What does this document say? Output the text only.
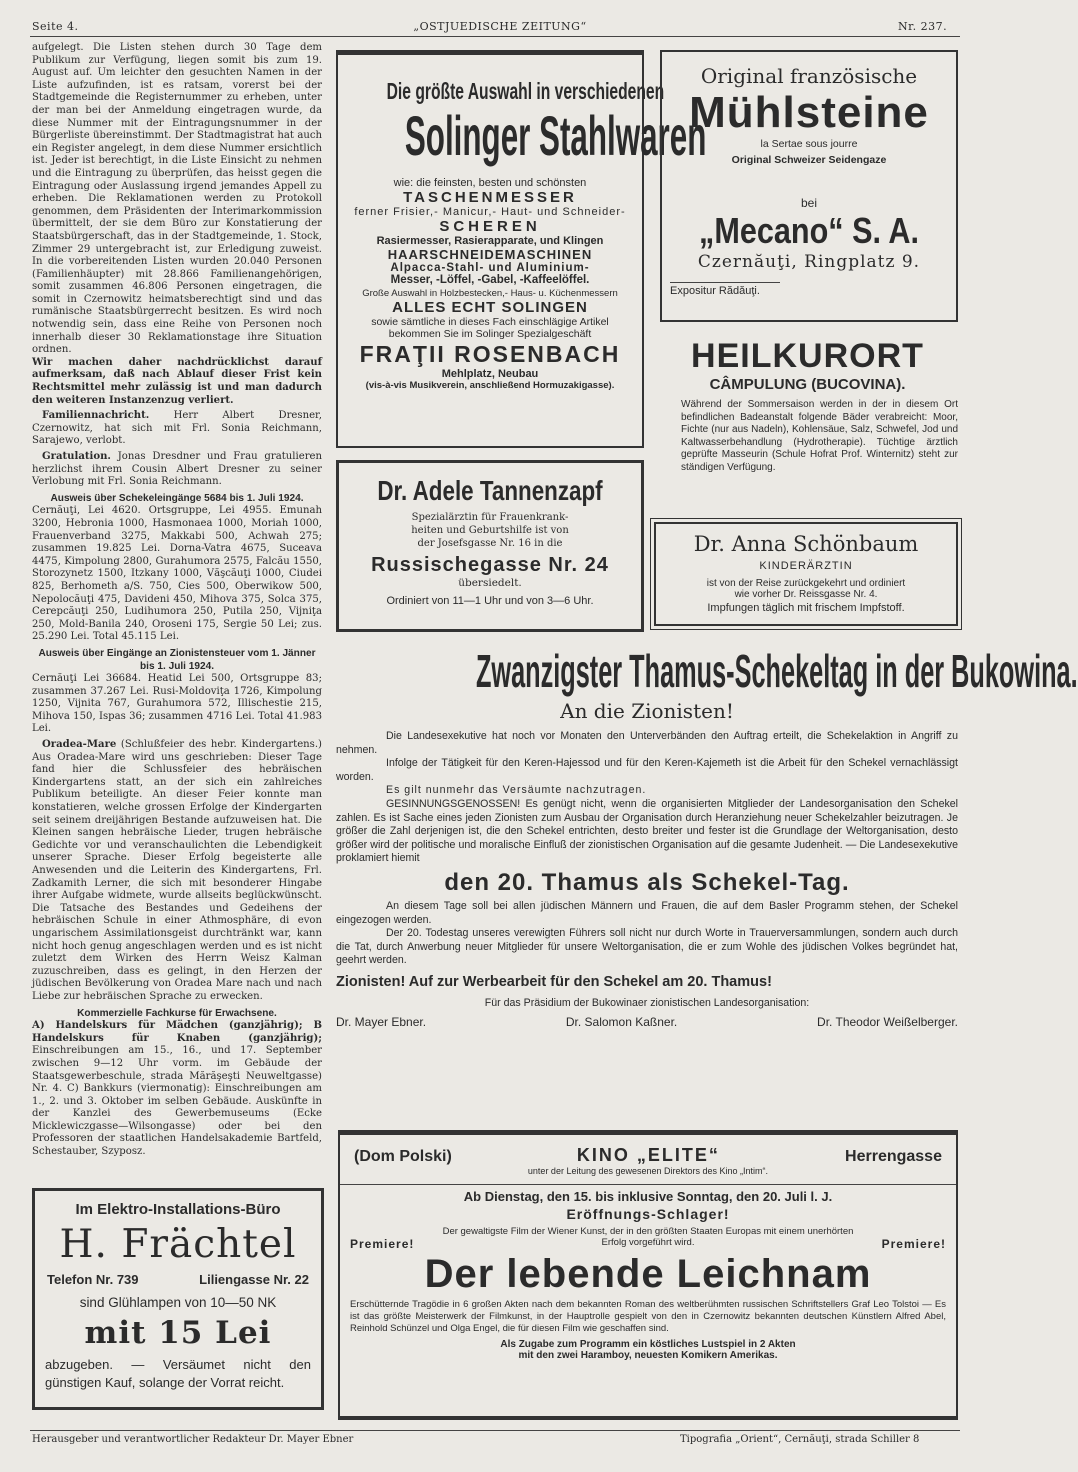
Seite 4.	„OSTJUEDISCHE ZEITUNG“	Nr. 237.

aufgelegt. Die Listen stehen durch 30 Tage dem Publikum zur Verfügung, liegen somit bis zum 19. August auf. Um leichter den gesuchten Namen in der Liste aufzufinden, ist es ratsam, vorerst bei der Stadtgemeinde die Registernummer zu erheben, unter der man bei der Anmeldung eingetragen wurde, da diese Nummer mit der Eintragungsnummer in der Bürgerliste übereinstimmt. Der Stadtmagistrat hat auch ein Register angelegt, in dem diese Nummer ersichtlich ist. Jeder ist berechtigt, in die Liste Einsicht zu nehmen und die Eintragung zu überprüfen, das heisst gegen die Eintragung oder Auslassung irgend jemandes Appell zu erheben. Die Reklamationen werden zu Protokoll genommen, dem Präsidenten der Interimarkommission übermittelt, der sie dem Büro zur Konstatierung der Staatsbürgerschaft, das in der Stadtgemeinde, 1. Stock, Zimmer 29 untergebracht ist, zur Erledigung zuweist. In die vorbereitenden Listen wurden 20.040 Personen (Familienhäupter) mit 28.866 Familienangehörigen, somit zusammen 46.806 Personen eingetragen, die somit in Czernowitz heimatsberechtigt sind und das rumänische Staatsbürgerrecht besitzen. Es wird noch notwendig sein, dass eine Reihe von Personen noch innerhalb dieser 30 Reklamationstage ihre Situation ordnen.

Wir machen daher nachdrücklichst darauf aufmerksam, daß nach Ablauf dieser Frist kein Rechtsmittel mehr zulässig ist und man dadurch den weiteren Instanzenzug verliert.

Familiennachricht. Herr Albert Dresner, Czernowitz, hat sich mit Frl. Sonia Reichmann, Sarajewo, verlobt.

Gratulation. Jonas Dresdner und Frau gratulieren herzlichst ihrem Cousin Albert Dresner zu seiner Verlobung mit Frl. Sonia Reichmann.

Ausweis über Schekeleingänge 5684 bis 1. Juli 1924.

Cernăuţi, Lei 4620. Ortsgruppe, Lei 4955. Emunah 3200, Hebronia 1000, Hasmonaea 1000, Moriah 1000, Frauenverband 3275, Makkabi 500, Achwah 275; zusammen 19.825 Lei. Dorna-Vatra 4675, Suceava 4475, Kimpolung 2800, Gurahumora 2575, Falcău 1550, Storozynetz 1500, Itzkany 1000, Văşcăuţi 1000, Ciudei 825, Berhometh a/S. 750, Cies 500, Oberwikow 500, Nepolocăuţi 475, Davideni 450, Mihova 375, Solca 375, Cerepcăuţi 250, Ludihumora 250, Putila 250, Vijniţa 250, Mold-Banila 240, Oroseni 175, Sergie 50 Lei; zus. 25.290 Lei. Total 45.115 Lei.

Ausweis über Eingänge an Zionistensteuer vom 1. Jänner bis 1. Juli 1924.

Cernăuţi Lei 36684. Heatid Lei 500, Ortsgruppe 83; zusammen 37.267 Lei. Rusi-Moldoviţa 1726, Kimpolung 1250, Vijnita 767, Gurahumora 572, Illischestie 215, Mihova 150, Ispas 36; zusammen 4716 Lei. Total 41.983 Lei.

Oradea-Mare (Schlußfeier des hebr. Kindergartens.) Aus Oradea-Mare wird uns geschrieben: Dieser Tage fand hier die Schlussfeier des hebräischen Kindergartens statt, an der sich ein zahlreiches Publikum beteiligte. An dieser Feier konnte man konstatieren, welche grossen Erfolge der Kindergarten seit seinem dreijährigen Bestande aufzuweisen hat. Die Kleinen sangen hebräische Lieder, trugen hebräische Gedichte vor und veranschaulichten die Lebendigkeit unserer Sprache. Dieser Erfolg begeisterte alle Anwesenden und die Leiterin des Kindergartens, Frl. Zadkamith Lerner, die sich mit besonderer Hingabe ihrer Aufgabe widmete, wurde allseits beglückwünscht. Die Tatsache des Bestandes und Gedeihens der hebräischen Schule in einer Athmosphäre, di evon ungarischem Assimilationsgeist durchtränkt war, kann nicht hoch genug angeschlagen werden und es ist nicht zuletzt dem Wirken des Herrn Weisz Kalman zuzuschreiben, dass es gelingt, in den Herzen der jüdischen Bevölkerung von Oradea Mare nach und nach Liebe zur hebräischen Sprache zu erwecken.

Kommerzielle Fachkurse für Erwachsene.

A) Handelskurs für Mädchen (ganzjährig); B Handelskurs für Knaben (ganzjährig); Einschreibungen am 15., 16., und 17. September zwischen 9—12 Uhr vorm. im Gebäude der Staatsgewerbeschule, strada Mărăşeşti Neuweltgasse) Nr. 4. C) Bankkurs (viermonatig): Einschreibungen am 1., 2. und 3. Oktober im selben Gebäude. Auskünfte in der Kanzlei des Gewerbemuseums (Ecke Micklewiczgasse—Wilsongasse) oder bei den Professoren der staatlichen Handelsakademie Bartfeld, Schestauber, Szyposz.

Im Elektro-Installations-Büro
H. Frächtel
Telefon Nr. 739	Liliengasse Nr. 22
sind Glühlampen von 10—50 NK
mit 15 Lei
abzugeben. — Versäumet nicht den günstigen Kauf, solange der Vorrat reicht.
Die größte Auswahl in verschiedenen
Solinger Stahlwaren
wie: die feinsten, besten und schönsten
TASCHENMESSER
ferner Frisier,- Manicur,- Haut- und Schneider-
SCHEREN
Rasiermesser, Rasierapparate, und Klingen
HAARSCHNEIDEMASCHINEN
Alpacca-Stahl- und Aluminium-
Messer, -Löffel, -Gabel, -Kaffeelöffel.
Große Auswahl in Holzbestecken,- Haus- u. Küchenmessern
ALLES ECHT SOLINGEN
sowie sämtliche in dieses Fach einschlägige Artikel
bekommen Sie im Solinger Spezialgeschäft
FRAŢII ROSENBACH
Mehlplatz, Neubau
(vis-à-vis Musikverein, anschließend Hormuzakigasse).
Original französische
Mühlsteine
la Sertae sous jourre
Original Schweizer Seidengaze
bei
„Mecano“ S. A.
Czernăuţi, Ringplatz 9.
Expositur Rădăuţi.
HEILKURORT
CÂMPULUNG (BUCOVINA).
Während der Sommersaison werden in der in diesem Ort befindlichen Badeanstalt folgende Bäder verabreicht: Moor, Fichte (nur aus Nadeln), Kohlensäue, Salz, Schwefel, Jod und Kaltwasserbehandlung (Hydrotherapie). Tüchtige ärztlich geprüfte Masseurin (Schule Hofrat Prof. Winternitz) steht zur ständigen Verfügung.
Dr. Adele Tannenzapf
Spezialärztin für Frauenkrank-
heiten und Geburtshilfe ist von
der Josefsgasse Nr. 16 in die
Russischegasse Nr. 24
übersiedelt.
Ordiniert von 11—1 Uhr und von 3—6 Uhr.
Dr. Anna Schönbaum
KINDERÄRZTIN
ist von der Reise zurückgekehrt und ordiniert
wie vorher Dr. Reissgasse Nr. 4.
Impfungen täglich mit frischem Impfstoff.
Zwanzigster Thamus-Schekeltag in der Bukowina.
An die Zionisten!

Die Landesexekutive hat noch vor Monaten den Unterverbänden den Auftrag erteilt, die Schekelaktion in Angriff zu nehmen.

Infolge der Tätigkeit für den Keren-Hajessod und für den Keren-Kajemeth ist die Arbeit für den Schekel vernachlässigt worden.

Es gilt nunmehr das Versäumte nachzutragen.

GESINNUNGSGENOSSEN! Es genügt nicht, wenn die organisierten Mitglieder der Landesorganisation den Schekel zahlen. Es ist Sache eines jeden Zionisten zum Ausbau der Organisation durch Heranziehung neuer Schekelzahler beizutragen. Je größer die Zahl derjenigen ist, die den Schekel entrichten, desto breiter und fester ist die Grundlage der Weltorganisation, desto größer wird der politische und moralische Einfluß der zionistischen Organisation auf die gesamte Judenheit. — Die Landesexekutive proklamiert hiemit

den 20. Thamus als Schekel-Tag.

An diesem Tage soll bei allen jüdischen Männern und Frauen, die auf dem Basler Programm stehen, der Schekel eingezogen werden.

Der 20. Todestag unseres verewigten Führers soll nicht nur durch Worte in Trauerversammlungen, sondern auch durch die Tat, durch Anwerbung neuer Mitglieder für unsere Weltorganisation, die er zum Wohle des jüdischen Volkes begründet hat, geehrt werden.

Zionisten! Auf zur Werbearbeit für den Schekel am 20. Thamus!
Für das Präsidium der Bukowinaer zionistischen Landesorganisation:
Dr. Mayer Ebner.	Dr. Salomon Kaßner.	Dr. Theodor Weißelberger.
(Dom Polski)	KINO „ELITE“	Herrengasse
unter der Leitung des gewesenen Direktors des Kino „Intim“.
Ab Dienstag, den 15. bis inklusive Sonntag, den 20. Juli l. J.
Eröffnungs-Schlager!
Der gewaltigste Film der Wiener Kunst, der in den größten Staaten Europas mit einem unerhörten
Premiere!	Erfolg vorgeführt wird.	Premiere!
Der lebende Leichnam
Erschütternde Tragödie in 6 großen Akten nach dem bekannten Roman des weltberühmten russischen Schriftstellers Graf Leo Tolstoi — Es ist das größte Meisterwerk der Filmkunst, in der Hauptrolle gespielt von den in Czernowitz bekannten deutschen Künstlern Alfred Abel, Reinhold Schünzel und Olga Engel, die für diesen Film wie geschaffen sind.
Als Zugabe zum Programm ein köstliches Lustspiel in 2 Akten
mit den zwei Haramboy, neuesten Komikern Amerikas.
Herausgeber und verantwortlicher Redakteur Dr. Mayer Ebner	Tipografia „Orient“, Cernăuţi, strada Schiller 8
